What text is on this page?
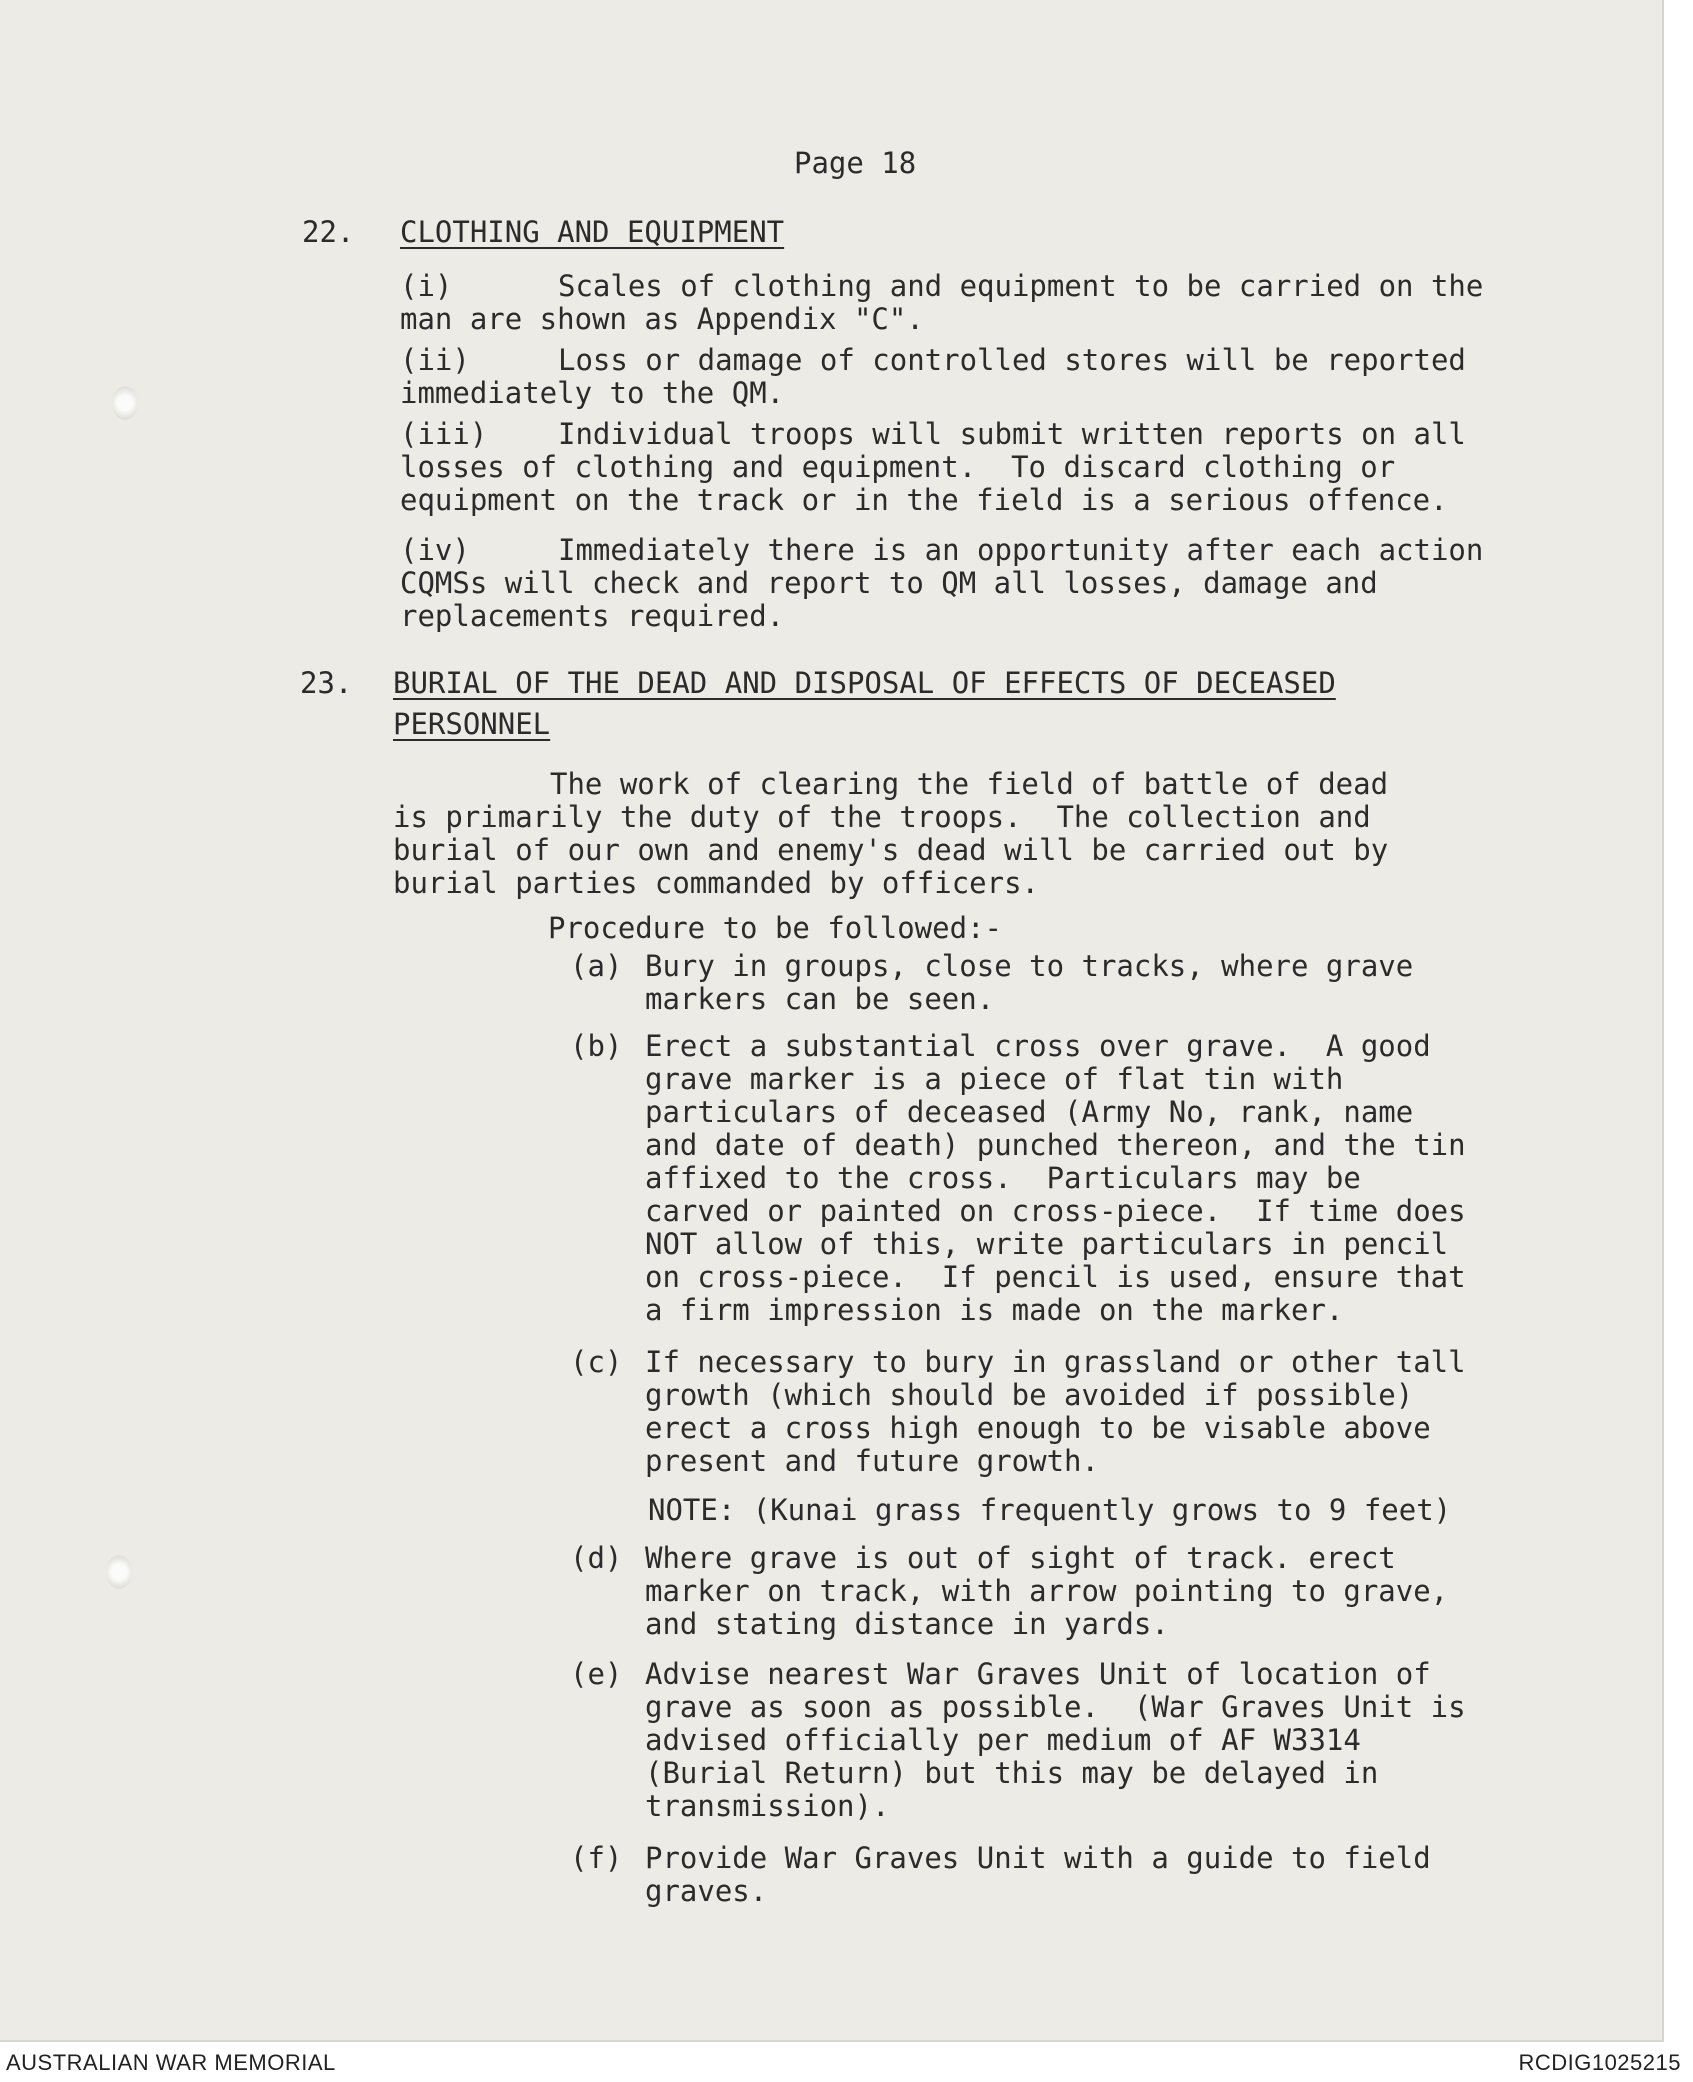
Page 18
22. CLOTHING AND EQUIPMENT
(i)	Scales of clothing and equipment to be carried on the
man are shown as Appendix "C".
(ii)	Loss or damage of controlled stores will be reported
immediately to the QM.
(iii) Individual troops will submit written reports on all
losses of clothing and equipment.  To discard clothing or
equipment on the track or in the field is a serious offence.
(iv)	Immediately there is an opportunity after each action
CQMSs will check and report to QM all losses, damage and
replacements required.
23. BURIAL OF THE DEAD AND DISPOSAL OF EFFECTS OF DECEASED
PERSONNEL
The work of clearing the field of battle of dead
is primarily the duty of the troops.  The collection and
burial of our own and enemy's dead will be carried out by
burial parties commanded by officers.
Procedure to be followed:-
(a) Bury in groups, close to tracks, where grave
markers can be seen.
(b) Erect a substantial cross over grave.  A good
grave marker is a piece of flat tin with
particulars of deceased (Army No, rank, name
and date of death) punched thereon, and the tin
affixed to the cross.  Particulars may be
carved or painted on cross-piece.  If time does
NOT allow of this, write particulars in pencil
on cross-piece.  If pencil is used, ensure that
a firm impression is made on the marker.
(c) If necessary to bury in grassland or other tall
growth (which should be avoided if possible)
erect a cross high enough to be visable above
present and future growth.
NOTE: (Kunai grass frequently grows to 9 feet)
(d) Where grave is out of sight of track. erect
marker on track, with arrow pointing to grave,
and stating distance in yards.
(e) Advise nearest War Graves Unit of location of
grave as soon as possible.  (War Graves Unit is
advised officially per medium of AF W3314
(Burial Return) but this may be delayed in
transmission).
(f) Provide War Graves Unit with a guide to field
graves.
AUSTRALIAN WAR MEMORIAL	RCDIG1025215
